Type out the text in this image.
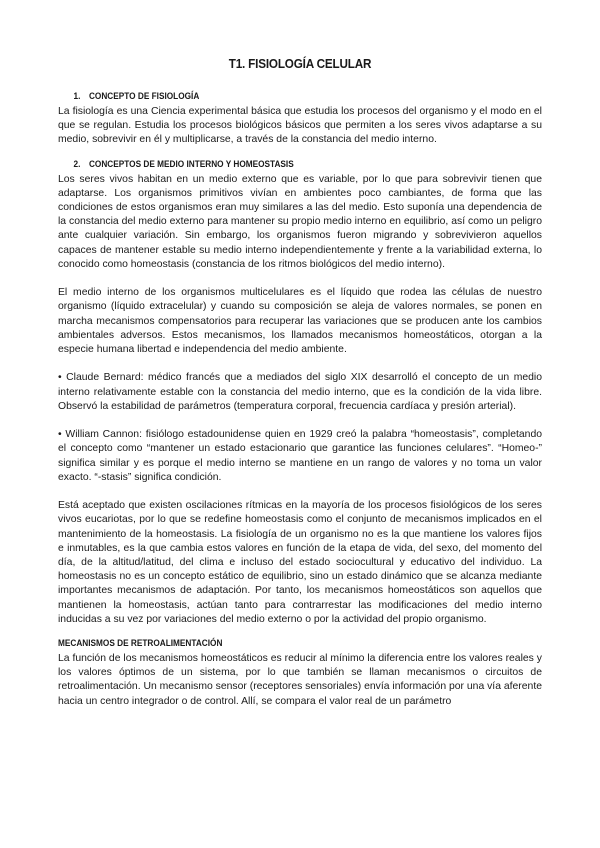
T1. FISIOLOGÍA CELULAR
1. CONCEPTO DE FISIOLOGÍA

La fisiología es una Ciencia experimental básica que estudia los procesos del organismo y el modo en el que se regulan. Estudia los procesos biológicos básicos que permiten a los seres vivos adaptarse a su medio, sobrevivir en él y multiplicarse, a través de la constancia del medio interno.

2. CONCEPTOS DE MEDIO INTERNO Y HOMEOSTASIS

Los seres vivos habitan en un medio externo que es variable, por lo que para sobrevivir tienen que adaptarse. Los organismos primitivos vivían en ambientes poco cambiantes, de forma que las condiciones de estos organismos eran muy similares a las del medio. Esto suponía una dependencia de la constancia del medio externo para mantener su propio medio interno en equilibrio, así como un peligro ante cualquier variación. Sin embargo, los organismos fueron migrando y sobrevivieron aquellos capaces de mantener estable su medio interno independientemente y frente a la variabilidad externa, lo conocido como homeostasis (constancia de los ritmos biológicos del medio interno).

El medio interno de los organismos multicelulares es el líquido que rodea las células de nuestro organismo (líquido extracelular) y cuando su composición se aleja de valores normales, se ponen en marcha mecanismos compensatorios para recuperar las variaciones que se producen ante los cambios ambientales adversos. Estos mecanismos, los llamados mecanismos homeostáticos, otorgan a la especie humana libertad e independencia del medio ambiente.

• Claude Bernard: médico francés que a mediados del siglo XIX desarrolló el concepto de un medio interno relativamente estable con la constancia del medio interno, que es la condición de la vida libre. Observó la estabilidad de parámetros (temperatura corporal, frecuencia cardíaca y presión arterial).

• William Cannon: fisiólogo estadounidense quien en 1929 creó la palabra “homeostasis”, completando el concepto como “mantener un estado estacionario que garantice las funciones celulares”. “Homeo-” significa similar y es porque el medio interno se mantiene en un rango de valores y no toma un valor exacto. “-stasis” significa condición.

Está aceptado que existen oscilaciones rítmicas en la mayoría de los procesos fisiológicos de los seres vivos eucariotas, por lo que se redefine homeostasis como el conjunto de mecanismos implicados en el mantenimiento de la homeostasis. La fisiología de un organismo no es la que mantiene los valores fijos e inmutables, es la que cambia estos valores en función de la etapa de vida, del sexo, del momento del día, de la altitud/latitud, del clima e incluso del estado sociocultural y educativo del individuo. La homeostasis no es un concepto estático de equilibrio, sino un estado dinámico que se alcanza mediante importantes mecanismos de adaptación. Por tanto, los mecanismos homeostáticos son aquellos que mantienen la homeostasis, actúan tanto para contrarrestar las modificaciones del medio interno inducidas a su vez por variaciones del medio externo o por la actividad del propio organismo.

MECANISMOS DE RETROALIMENTACIÓN

La función de los mecanismos homeostáticos es reducir al mínimo la diferencia entre los valores reales y los valores óptimos de un sistema, por lo que también se llaman mecanismos o circuitos de retroalimentación. Un mecanismo sensor (receptores sensoriales) envía información por una vía aferente hacia un centro integrador o de control. Allí, se compara el valor real de un parámetro
